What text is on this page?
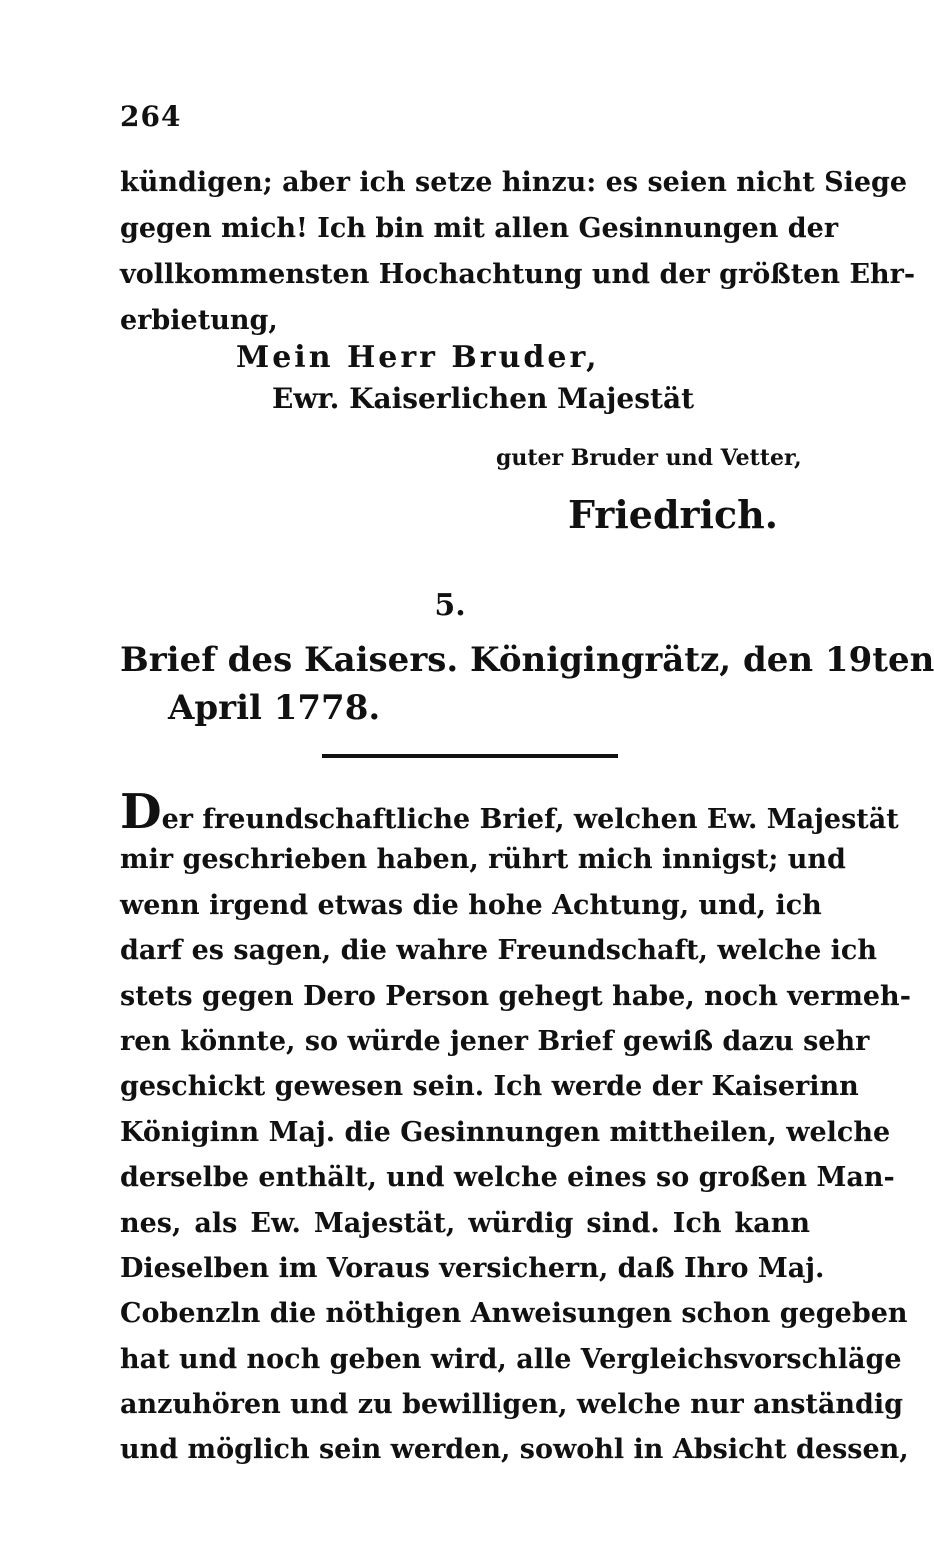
264
kündigen; aber ich setze hinzu: es seien nicht Siege
gegen mich! Ich bin mit allen Gesinnungen der
vollkommensten Hochachtung und der größten Ehr-
erbietung,
Mein Herr Bruder,
Ewr. Kaiserlichen Majestät
guter Bruder und Vetter,
Friedrich.
5.
Brief des Kaisers. Königingrätz, den 19ten
April 1778.
Der freundschaftliche Brief, welchen Ew. Majestät
mir geschrieben haben, rührt mich innigst; und
wenn irgend etwas die hohe Achtung, und, ich
darf es sagen, die wahre Freundschaft, welche ich
stets gegen Dero Person gehegt habe, noch vermeh-
ren könnte, so würde jener Brief gewiß dazu sehr
geschickt gewesen sein. Ich werde der Kaiserinn
Königinn Maj. die Gesinnungen mittheilen, welche
derselbe enthält, und welche eines so großen Man-
nes, als Ew. Majestät, würdig sind. Ich kann
Dieselben im Voraus versichern, daß Ihro Maj.
Cobenzln die nöthigen Anweisungen schon gegeben
hat und noch geben wird, alle Vergleichsvorschläge
anzuhören und zu bewilligen, welche nur anständig
und möglich sein werden, sowohl in Absicht dessen,
